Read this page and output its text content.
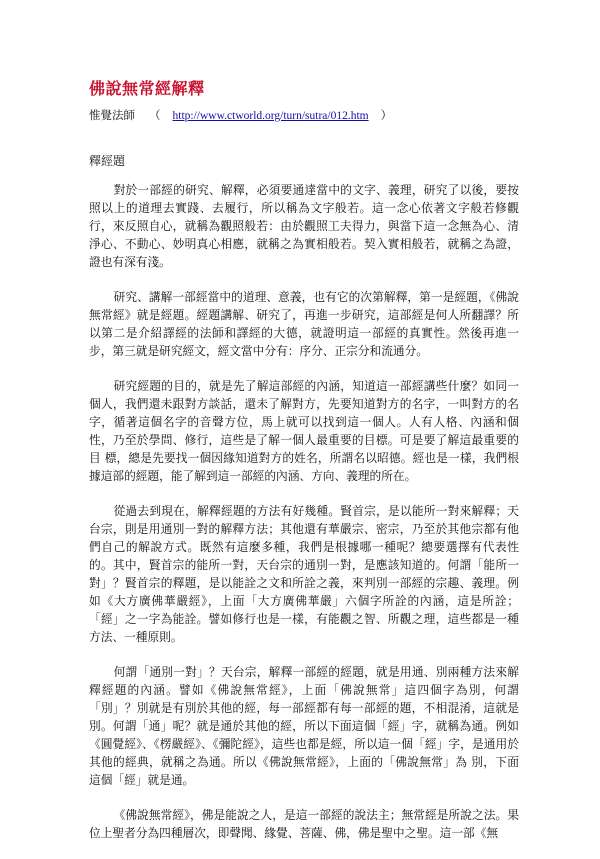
佛說無常經解釋
惟覺法師 （ http://www.ctworld.org/turn/sutra/012.htm ）
釋經題

對於一部經的研究、解釋，必須要通達當中的文字、義理，研究了以後，要按照以上的道理去實踐、去履行，所以稱為文字般若。這一念心依著文字般若修觀 行，來反照自心，就稱為觀照般若：由於觀照工夫得力，與當下這一念無為心、清淨心、不動心、妙明真心相應，就稱之為實相般若。契入實相般若，就稱之為證， 證也有深有淺。

研究、講解一部經當中的道理、意義，也有它的次第解釋，第一是經題，《佛說無常經》就是經題。經題講解、研究了，再進一步研究，這部經是何人所翻譯？所以第二是介紹譯經的法師和譯經的大德，就證明這一部經的真實性。然後再進一步，第三就是研究經文，經文當中分有：序分、正宗分和流通分。

研究經題的目的，就是先了解這部經的內涵，知道這一部經講些什麼？如同一個人，我們還未跟對方談話，還未了解對方，先要知道對方的名字，一叫對方的名 字，循著這個名字的音聲方位，馬上就可以找到這一個人。人有人格、內涵和個性，乃至於學問、修行，這些是了解一個人最重要的目標。可是要了解這最重要的目 標，總是先要找一個因緣知道對方的姓名，所謂名以昭德。經也是一樣，我們根據這部的經題，能了解到這一部經的內涵、方向、義理的所在。

從過去到現在，解釋經題的方法有好幾種。賢首宗，是以能所一對來解釋；天台宗，則是用通別一對的解釋方法；其他還有華嚴宗、密宗，乃至於其他宗都有他 們自己的解說方式。既然有這麼多種，我們是根據哪一種呢？總要選擇有代表性的。其中，賢首宗的能所一對，天台宗的通別一對，是應該知道的。何謂「能所一 對」？賢首宗的釋題，是以能詮之文和所詮之義，來判別一部經的宗趣、義理。例如《大方廣佛華嚴經》，上面「大方廣佛華嚴」六個字所詮的內涵，這是所詮； 「經」之一字為能詮。譬如修行也是一樣，有能觀之智、所觀之理，這些都是一種方法、一種原則。

何謂「通別一對」？天台宗，解釋一部經的經題，就是用通、別兩種方法來解釋經題的內涵。譬如《佛說無常經》，上面「佛說無常」這四個字為別，何謂「別」？別就是有別於其他的經，每一部經都有每一部經的題，不相混淆，這就是別。何謂「通」呢？就是通於其他的經，所以下面這個「經」字，就稱為通。例如 《圓覺經》、《楞嚴經》、《彌陀經》，這些也都是經，所以這一個「經」字，是通用於其他的經典，就稱之為通。所以《佛說無常經》，上面的「佛說無常」為 別，下面這個「經」就是通。

《佛說無常經》，佛是能說之人，是這一部經的說法主；無常經是所說之法。果位上聖者分為四種層次，即聲聞、緣覺、菩薩、佛，佛是聖中之聖。這一部《無
